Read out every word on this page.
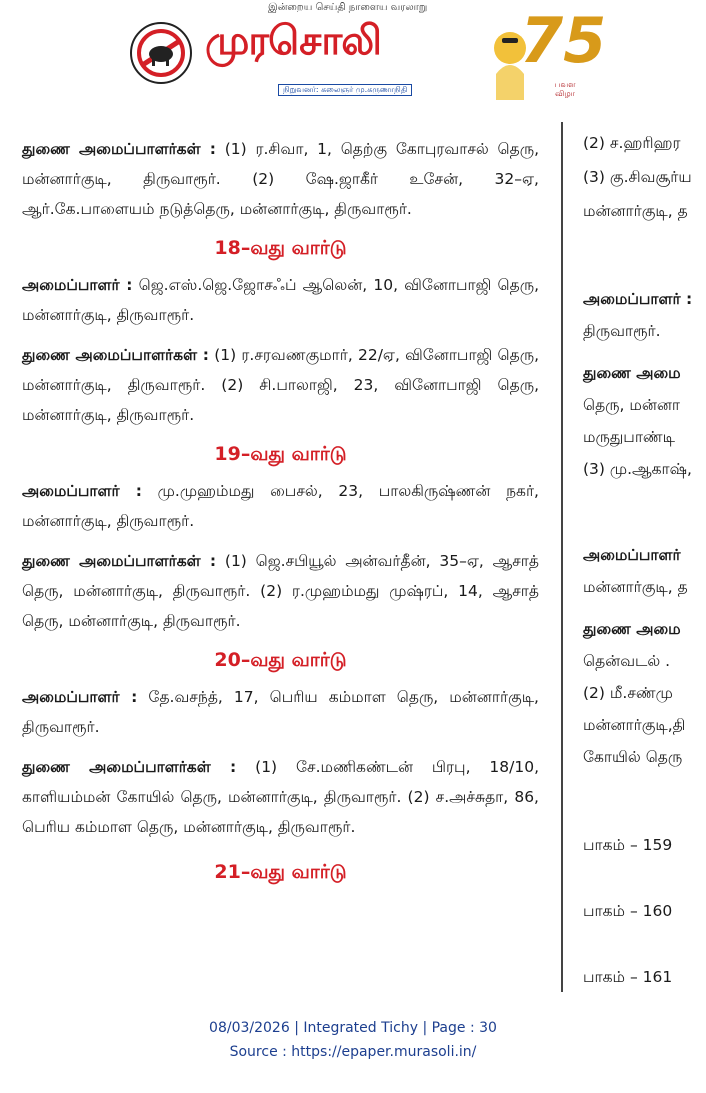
இன்றைய செய்தி நாளைய வரலாறு
முரசொலி
நிறுவனர்: கலைஞர் மு.கருணாநிதி
75
பவள விழா

துணை அமைப்பாளர்கள் : (1) ர.சிவா, 1, தெற்கு கோபுரவாசல் தெரு, மன்னார்குடி, திருவாரூர். (2) ஷே.ஜாகீர் உசேன், 32–ஏ, ஆர்.கே.பாளையம் நடுத்தெரு, மன்னார்குடி, திருவாரூர்.

18–வது வார்டு

அமைப்பாளர் : ஜெ.எஸ்.ஜெ.ஜோசஃப் ஆலென், 10, வினோபாஜி தெரு, மன்னார்குடி, திருவாரூர்.

துணை அமைப்பாளர்கள் : (1) ர.சரவணகுமார், 22/ஏ, வினோபாஜி தெரு, மன்னார்குடி, திருவாரூர். (2) சி.பாலாஜி, 23, வினோபாஜி தெரு, மன்னார்குடி, திருவாரூர்.

19–வது வார்டு

அமைப்பாளர் : மு.முஹம்மது பைசல், 23, பாலகிருஷ்ணன் நகர், மன்னார்குடி, திருவாரூர்.

துணை அமைப்பாளர்கள் : (1) ஜெ.சபியூல் அன்வர்தீன், 35–ஏ, ஆசாத் தெரு, மன்னார்குடி, திருவாரூர். (2) ர.முஹம்மது முஷ்ரப், 14, ஆசாத் தெரு, மன்னார்குடி, திருவாரூர்.

20–வது வார்டு

அமைப்பாளர் : தே.வசந்த், 17, பெரிய கம்மாள தெரு, மன்னார்குடி, திருவாரூர்.

துணை அமைப்பாளர்கள் : (1) சே.மணிகண்டன் பிரபு, 18/10, காளியம்மன் கோயில் தெரு, மன்னார்குடி, திருவாரூர். (2) ச.அச்சுதா, 86, பெரிய கம்மாள தெரு, மன்னார்குடி, திருவாரூர்.

21–வது வார்டு
(2) ச.ஹரிஹர
(3) கு.சிவசூர்ய
மன்னார்குடி, த
அமைப்பாளர் :
திருவாரூர்.
துணை அமை
தெரு, மன்னா
மருதுபாண்டி
(3) மு.ஆகாஷ்,
அமைப்பாளர்
மன்னார்குடி, த
துணை அமை
தென்வடல் .
(2) மீ.சண்மு
மன்னார்குடி,தி
கோயில் தெரு
பாகம் – 159
பாகம் – 160
பாகம் – 161
08/03/2026 | Integrated Tichy | Page : 30
Source : https://epaper.murasoli.in/
